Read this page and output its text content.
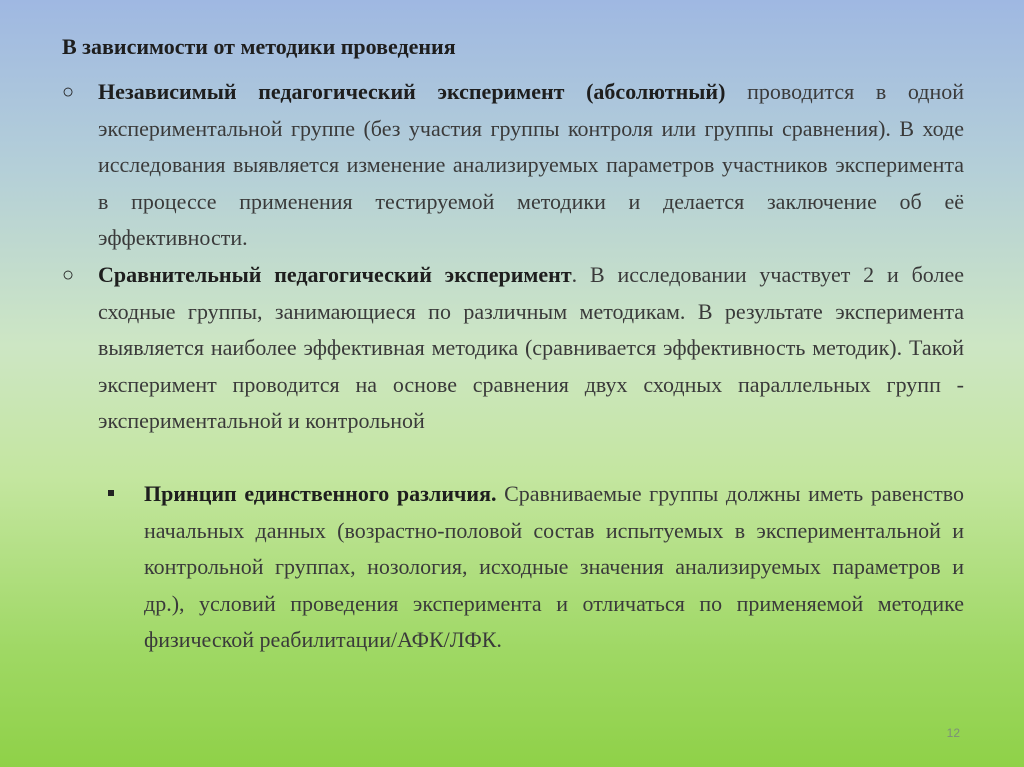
В зависимости от методики проведения

○ Независимый педагогический эксперимент (абсолютный) проводится в одной экспериментальной группе (без участия группы контроля или группы сравнения). В ходе исследования выявляется изменение анализируемых параметров участников эксперимента в процессе применения тестируемой методики и делается заключение об её эффективности.

○ Сравнительный педагогический эксперимент. В исследовании участвует 2 и более сходные группы, занимающиеся по различным методикам. В результате эксперимента выявляется наиболее эффективная методика (сравнивается эффективность методик). Такой эксперимент проводится на основе сравнения двух сходных параллельных групп - экспериментальной и контрольной

Принцип единственного различия. Сравниваемые группы должны иметь равенство начальных данных (возрастно-половой состав испытуемых в экспериментальной и контрольной группах, нозология, исходные значения анализируемых параметров и др.), условий проведения эксперимента и отличаться по применяемой методике физической реабилитации/АФК/ЛФК.

12
